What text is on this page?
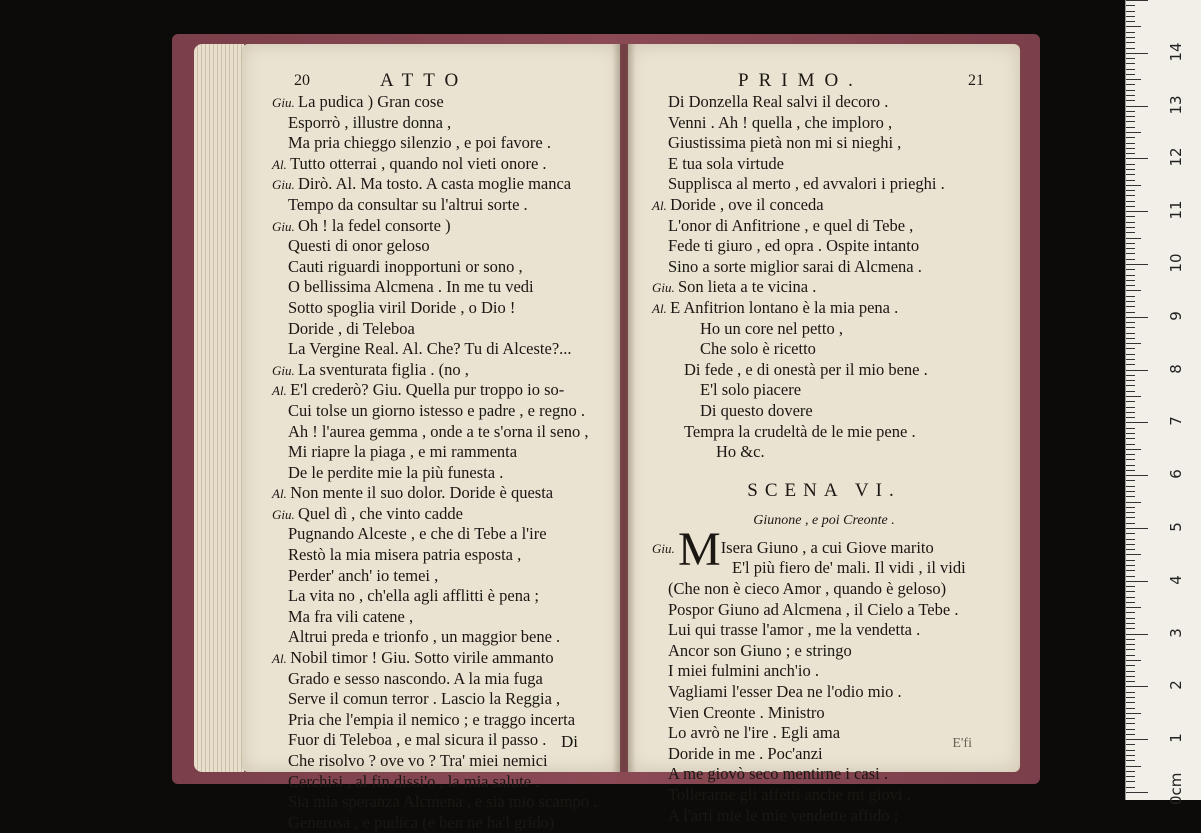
20	ATTO
Giu. La pudica ) Gran cose
Esporrò , illustre donna ,
Ma pria chieggo silenzio , e poi favore .
Al. Tutto otterrai , quando nol vieti onore .
Giu. Dirò. Al. Ma tosto. A casta moglie manca
Tempo da consultar su l'altrui sorte .
Giu. Oh ! la fedel consorte )
Questi di onor geloso
Cauti riguardi inopportuni or sono ,
O bellissima Alcmena . In me tu vedi
Sotto spoglia viril Doride , o Dio !
Doride , di Teleboa
La Vergine Real. Al. Che? Tu di Alceste?...
Giu. La sventurata figlia . (no ,
Al. E'l crederò? Giu. Quella pur troppo io so-
Cui tolse un giorno istesso e padre , e regno .
Ah ! l'aurea gemma , onde a te s'orna il seno ,
Mi riapre la piaga , e mi rammenta
De le perdite mie la più funesta .
Al. Non mente il suo dolor. Doride è questa
Giu. Quel dì , che vinto cadde
Pugnando Alceste , e che di Tebe a l'ire
Restò la mia misera patria esposta ,
Perder' anch' io temei ,
La vita no , ch'ella agli afflitti è pena ;
Ma fra vili catene ,
Altrui preda e trionfo , un maggior bene .
Al. Nobil timor ! Giu. Sotto virile ammanto
Grado e sesso nascondo. A la mia fuga
Serve il comun terror . Lascio la Reggia ,
Pria che l'empia il nemico ; e traggo incerta
Fuor di Teleboa , e mal sicura il passo .
Che risolvo ? ove vo ? Tra' miei nemici
Cerchisi , al fin dissi'o , la mia salute .
Sia mia speranza Alcmena , e sia mio scampo .
Generosa , e pudica (e ben ne ha'l grido)
Di
PRIMO.	21
Di Donzella Real salvi il decoro .
Venni . Ah ! quella , che imploro ,
Giustissima pietà non mi si nieghi ,
E tua sola virtude
Supplisca al merto , ed avvalori i prieghi .
Al. Doride , ove il conceda
L'onor di Anfitrione , e quel di Tebe ,
Fede ti giuro , ed opra . Ospite intanto
Sino a sorte miglior sarai di Alcmena .
Giu. Son lieta a te vicina .
Al. E Anfitrion lontano è la mia pena .
Ho un core nel petto ,
Che solo è ricetto
Di fede , e di onestà per il mio bene .
E'l solo piacere
Di questo dovere
Tempra la crudeltà de le mie pene .
Ho &c.
SCENA VI.
Giunone , e poi Creonte .
Giu. MIsera Giuno , a cui Giove marito
E'l più fiero de' mali. Il vidi , il vidi
(Che non è cieco Amor , quando è geloso)
Pospor Giuno ad Alcmena , il Cielo a Tebe .
Lui qui trasse l'amor , me la vendetta .
Ancor son Giuno ; e stringo
I miei fulmini anch'io .
Vagliami l'esser Dea ne l'odio mio .
Vien Creonte . Ministro
Lo avrò ne l'ire . Egli ama
Doride in me . Poc'anzi
A me giovò seco mentirne i casi .
Tollerarne gli affetti anche mi giovi .
A l'arti mie le mie vendette affido ;
E'fi
0cm
1
2
3
4
5
6
7
8
9
10
11
12
13
14
